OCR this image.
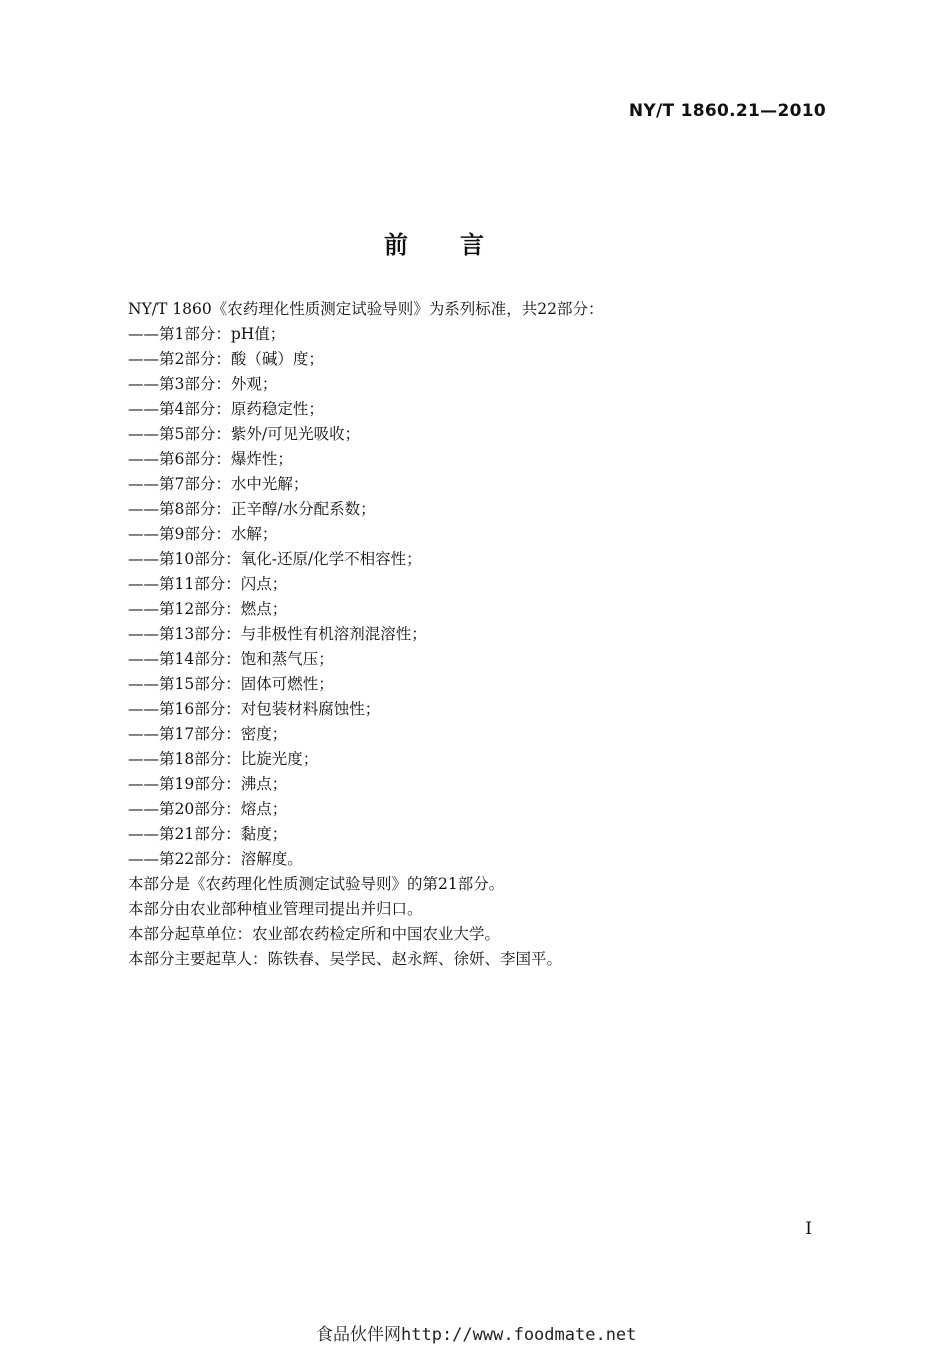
NY/T 1860.21—2010
前言

NY/T 1860《农药理化性质测定试验导则》为系列标准，共22部分：

——第1部分：pH值；
——第2部分：酸（碱）度；
——第3部分：外观；
——第4部分：原药稳定性；
——第5部分：紫外/可见光吸收；
——第6部分：爆炸性；
——第7部分：水中光解；
——第8部分：正辛醇/水分配系数；
——第9部分：水解；
——第10部分：氧化-还原/化学不相容性；
——第11部分：闪点；
——第12部分：燃点；
——第13部分：与非极性有机溶剂混溶性；
——第14部分：饱和蒸气压；
——第15部分：固体可燃性；
——第16部分：对包装材料腐蚀性；
——第17部分：密度；
——第18部分：比旋光度；
——第19部分：沸点；
——第20部分：熔点；
——第21部分：黏度；
——第22部分：溶解度。

本部分是《农药理化性质测定试验导则》的第21部分。

本部分由农业部种植业管理司提出并归口。

本部分起草单位：农业部农药检定所和中国农业大学。

本部分主要起草人：陈铁春、吴学民、赵永辉、徐妍、李国平。

I
食品伙伴网http://www.foodmate.net
